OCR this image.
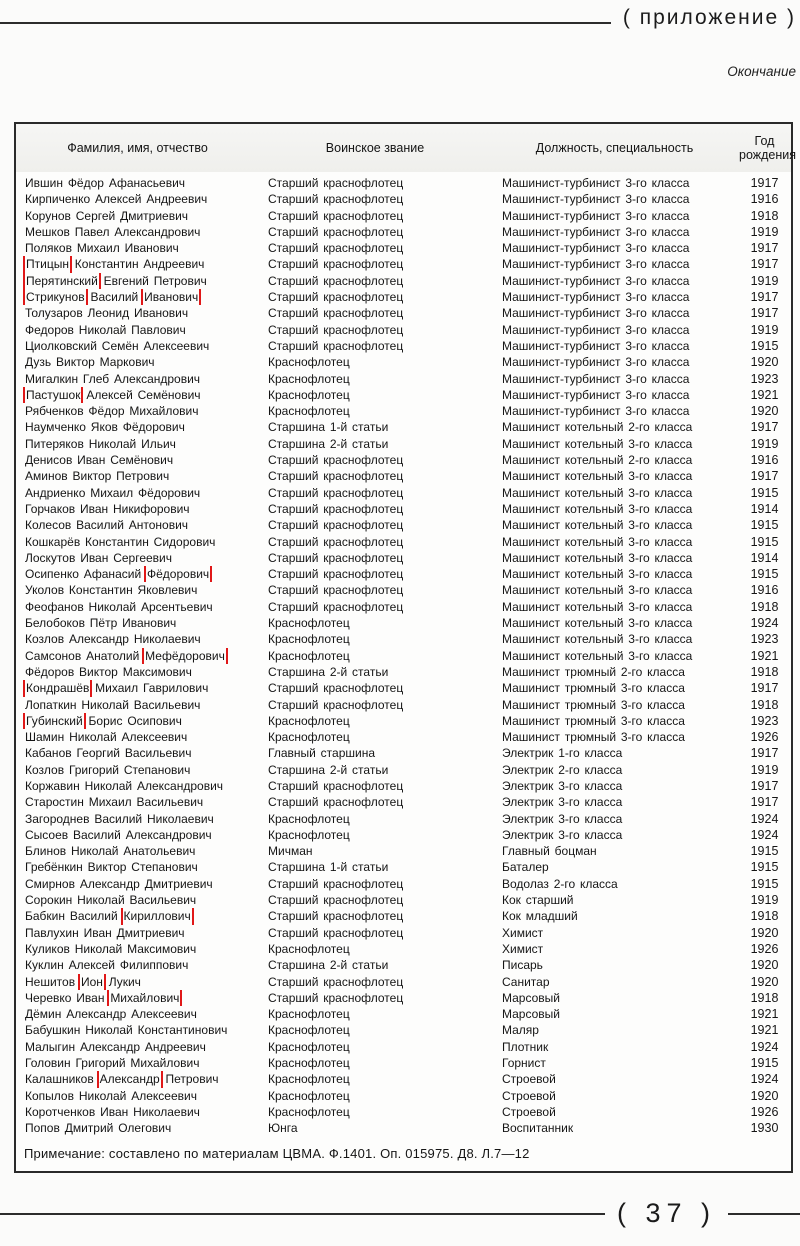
( приложение )
Окончание
Фамилия, имя, отчество	Воинское звание	Должность, специальность	Год рождения
Ившин Фёдор Афанасьевич	Старший краснофлотец	Машинист-турбинист 3-го класса	1917
Кирпиченко Алексей Андреевич	Старший краснофлотец	Машинист-турбинист 3-го класса	1916
Корунов Сергей Дмитриевич	Старший краснофлотец	Машинист-турбинист 3-го класса	1918
Мешков Павел Александрович	Старший краснофлотец	Машинист-турбинист 3-го класса	1919
Поляков Михаил Иванович	Старший краснофлотец	Машинист-турбинист 3-го класса	1917
Птицын Константин Андреевич	Старший краснофлотец	Машинист-турбинист 3-го класса	1917
Перятинский Евгений Петрович	Старший краснофлотец	Машинист-турбинист 3-го класса	1919
Стрикунов Василий Иванович	Старший краснофлотец	Машинист-турбинист 3-го класса	1917
Толузаров Леонид Иванович	Старший краснофлотец	Машинист-турбинист 3-го класса	1917
Федоров Николай Павлович	Старший краснофлотец	Машинист-турбинист 3-го класса	1919
Циолковский Семён Алексеевич	Старший краснофлотец	Машинист-турбинист 3-го класса	1915
Дузь Виктор Маркович	Краснофлотец	Машинист-турбинист 3-го класса	1920
Мигалкин Глеб Александрович	Краснофлотец	Машинист-турбинист 3-го класса	1923
Пастушок Алексей Семёнович	Краснофлотец	Машинист-турбинист 3-го класса	1921
Рябченков Фёдор Михайлович	Краснофлотец	Машинист-турбинист 3-го класса	1920
Наумченко Яков Фёдорович	Старшина 1-й статьи	Машинист котельный 2-го класса	1917
Питеряков Николай Ильич	Старшина 2-й статьи	Машинист котельный 3-го класса	1919
Денисов Иван Семёнович	Старший краснофлотец	Машинист котельный 2-го класса	1916
Аминов Виктор Петрович	Старший краснофлотец	Машинист котельный 3-го класса	1917
Андриенко Михаил Фёдорович	Старший краснофлотец	Машинист котельный 3-го класса	1915
Горчаков Иван Никифорович	Старший краснофлотец	Машинист котельный 3-го класса	1914
Колесов Василий Антонович	Старший краснофлотец	Машинист котельный 3-го класса	1915
Кошкарёв Константин Сидорович	Старший краснофлотец	Машинист котельный 3-го класса	1915
Лоскутов Иван Сергеевич	Старший краснофлотец	Машинист котельный 3-го класса	1914
Осипенко Афанасий Фёдорович	Старший краснофлотец	Машинист котельный 3-го класса	1915
Уколов Константин Яковлевич	Старший краснофлотец	Машинист котельный 3-го класса	1916
Феофанов Николай Арсентьевич	Старший краснофлотец	Машинист котельный 3-го класса	1918
Белобоков Пётр Иванович	Краснофлотец	Машинист котельный 3-го класса	1924
Козлов Александр Николаевич	Краснофлотец	Машинист котельный 3-го класса	1923
Самсонов Анатолий Мефёдорович	Краснофлотец	Машинист котельный 3-го класса	1921
Фёдоров Виктор Максимович	Старшина 2-й статьи	Машинист трюмный 2-го класса	1918
Кондрашёв Михаил Гаврилович	Старший краснофлотец	Машинист трюмный 3-го класса	1917
Лопаткин Николай Васильевич	Старший краснофлотец	Машинист трюмный 3-го класса	1918
Губинский Борис Осипович	Краснофлотец	Машинист трюмный 3-го класса	1923
Шамин Николай Алексеевич	Краснофлотец	Машинист трюмный 3-го класса	1926
Кабанов Георгий Васильевич	Главный старшина	Электрик 1-го класса	1917
Козлов Григорий Степанович	Старшина 2-й статьи	Электрик 2-го класса	1919
Коржавин Николай Александрович	Старший краснофлотец	Электрик 3-го класса	1917
Старостин Михаил Васильевич	Старший краснофлотец	Электрик 3-го класса	1917
Загороднев Василий Николаевич	Краснофлотец	Электрик 3-го класса	1924
Сысоев Василий Александрович	Краснофлотец	Электрик 3-го класса	1924
Блинов Николай Анатольевич	Мичман	Главный боцман	1915
Гребёнкин Виктор Степанович	Старшина 1-й статьи	Баталер	1915
Смирнов Александр Дмитриевич	Старший краснофлотец	Водолаз 2-го класса	1915
Сорокин Николай Васильевич	Старший краснофлотец	Кок старший	1919
Бабкин Василий Кириллович	Старший краснофлотец	Кок младший	1918
Павлухин Иван Дмитриевич	Старший краснофлотец	Химист	1920
Куликов Николай Максимович	Краснофлотец	Химист	1926
Куклин Алексей Филиппович	Старшина 2-й статьи	Писарь	1920
Нешитов Ион Лукич	Старший краснофлотец	Санитар	1920
Черевко Иван Михайлович	Старший краснофлотец	Марсовый	1918
Дёмин Александр Алексеевич	Краснофлотец	Марсовый	1921
Бабушкин Николай Константинович	Краснофлотец	Маляр	1921
Малыгин Александр Андреевич	Краснофлотец	Плотник	1924
Головин Григорий Михайлович	Краснофлотец	Горнист	1915
Калашников Александр Петрович	Краснофлотец	Строевой	1924
Копылов Николай Алексеевич	Краснофлотец	Строевой	1920
Коротченков Иван Николаевич	Краснофлотец	Строевой	1926
Попов Дмитрий Олегович	Юнга	Воспитанник	1930
Примечание: составлено по материалам ЦВМА. Ф.1401. Оп. 015975. Д8. Л.7—12			
( 37 )
